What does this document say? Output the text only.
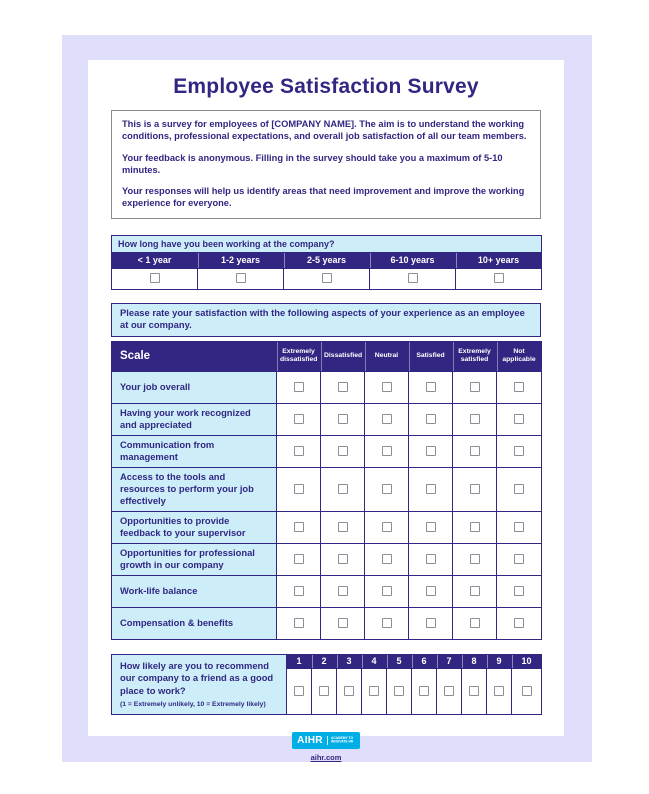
Employee Satisfaction Survey

This is a survey for employees of [COMPANY NAME]. The aim is to understand the working conditions, professional expectations, and overall job satisfaction of all our team members.

Your feedback is anonymous. Filling in the survey should take you a maximum of 5-10 minutes.

Your responses will help us identify areas that need improvement and improve the working experience for everyone.

How long have you been working at the company?				
< 1 year	1-2 years	2-5 years	6-10 years	10+ years

Please rate your satisfaction with the following aspects of your experience as an employee at our company.
Scale	Extremely dissatisfied	Dissatisfied	Neutral	Satisfied	Extremely satisfied	Not applicable
Your job overall						
Having your work recognized and appreciated						
Communication from management						
Access to the tools and resources to perform your job effectively						
Opportunities to provide feedback to your supervisor						
Opportunities for professional growth in our company						
Work-life balance						
Compensation & benefits						
How likely are you to recommend our company to a friend as a good place to work?
(1 = Extremely unlikely, 10 = Extremely likely)	1	2	3	4	5	6	7	8	9	10

AIHR ACADEMY TO
INNOVATE HR
aihr.com
